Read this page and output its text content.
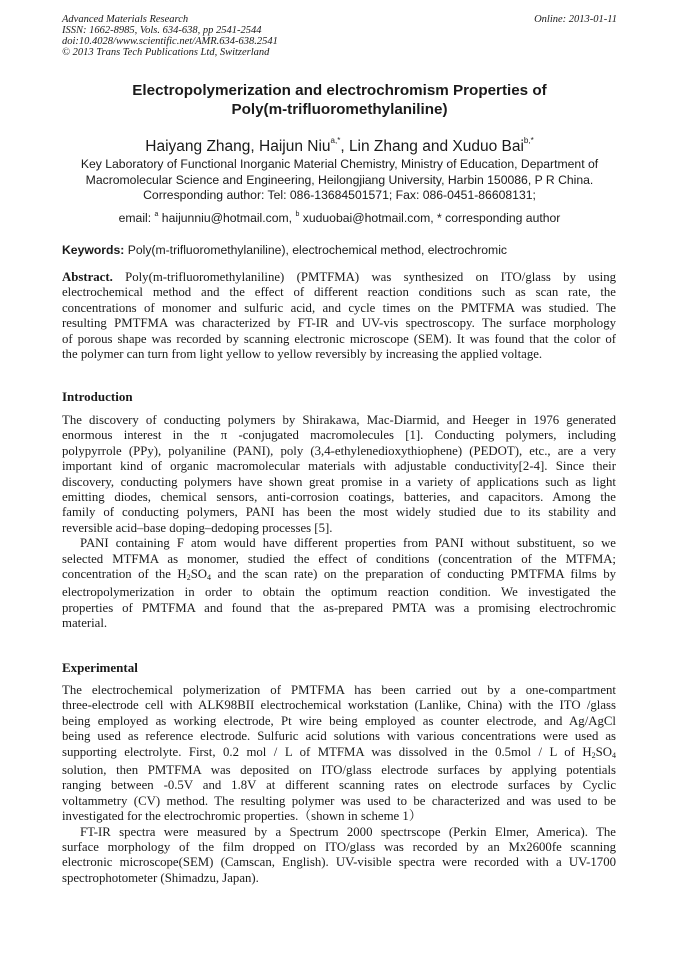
Advanced Materials Research
ISSN: 1662-8985, Vols. 634-638, pp 2541-2544
doi:10.4028/www.scientific.net/AMR.634-638.2541
© 2013 Trans Tech Publications Ltd, Switzerland
Online: 2013-01-11
Electropolymerization and electrochromism Properties of
Poly(m-trifluoromethylaniline)
Haiyang Zhang, Haijun Niu$^{a,*}$, Lin Zhang and Xuduo Bai$^{b,*}$
Key Laboratory of Functional Inorganic Material Chemistry, Ministry of Education, Department of
Macromolecular Science and Engineering, Heilongjiang University, Harbin 150086, P R China.
Corresponding author: Tel: 086-13684501571; Fax: 086-0451-86608131;
email: $^a$ haijunniu@hotmail.com, $^b$ xuduobai@hotmail.com, * corresponding author
Keywords: Poly(m-trifluoromethylaniline), electrochemical method, electrochromic
Abstract. Poly(m-trifluoromethylaniline) (PMTFMA) was synthesized on ITO/glass by using
electrochemical method and the effect of different reaction conditions such as scan rate, the
concentrations of monomer and sulfuric acid, and cycle times on the PMTFMA was studied. The
resulting PMTFMA was characterized by FT-IR and UV-vis spectroscopy. The surface morphology
of porous shape was recorded by scanning electronic microscope (SEM). It was found that the color of
the polymer can turn from light yellow to yellow reversibly by increasing the applied voltage.
Introduction
The discovery of conducting polymers by Shirakawa, Mac-Diarmid, and Heeger in 1976 generated
enormous interest in the π -conjugated macromolecules [1]. Conducting polymers, including
polypyrrole (PPy), polyaniline (PANI), poly (3,4-ethylenedioxythiophene) (PEDOT), etc., are a very
important kind of organic macromolecular materials with adjustable conductivity[2-4]. Since their
discovery, conducting polymers have shown great promise in a variety of applications such as light
emitting diodes, chemical sensors, anti-corrosion coatings, batteries, and capacitors. Among the
family of conducting polymers, PANI has been the most widely studied due to its stability and
reversible acid–base doping–dedoping processes [5].
PANI containing F atom would have different properties from PANI without substituent, so we
selected MTFMA as monomer, studied the effect of conditions (concentration of the MTFMA;
concentration of the $H_2SO_4$ and the scan rate) on the preparation of conducting PMTFMA films by
electropolymerization in order to obtain the optimum reaction condition. We investigated the
properties of PMTFMA and found that the as-prepared PMTA was a promising electrochromic
material.
Experimental
The electrochemical polymerization of PMTFMA has been carried out by a one-compartment
three-electrode cell with ALK98BII electrochemical workstation (Lanlike, China) with the ITO /glass
being employed as working electrode, Pt wire being employed as counter electrode, and Ag/AgCl
being used as reference electrode. Sulfuric acid solutions with various concentrations were used as
supporting electrolyte. First, 0.2 mol / L of MTFMA was dissolved in the 0.5mol / L of $H_2SO_4$
solution, then PMTFMA was deposited on ITO/glass electrode surfaces by applying potentials
ranging between -0.5V and 1.8V at different scanning rates on electrode surfaces by Cyclic
voltammetry (CV) method. The resulting polymer was used to be characterized and was used to be
investigated for the electrochromic properties.（shown in scheme 1）
FT-IR spectra were measured by a Spectrum 2000 spectrscope (Perkin Elmer, America). The
surface morphology of the film dropped on ITO/glass was recorded by an Mx2600fe scanning
electronic microscope(SEM) (Camscan, English). UV-visible spectra were recorded with a UV-1700
spectrophotometer (Shimadzu, Japan).
